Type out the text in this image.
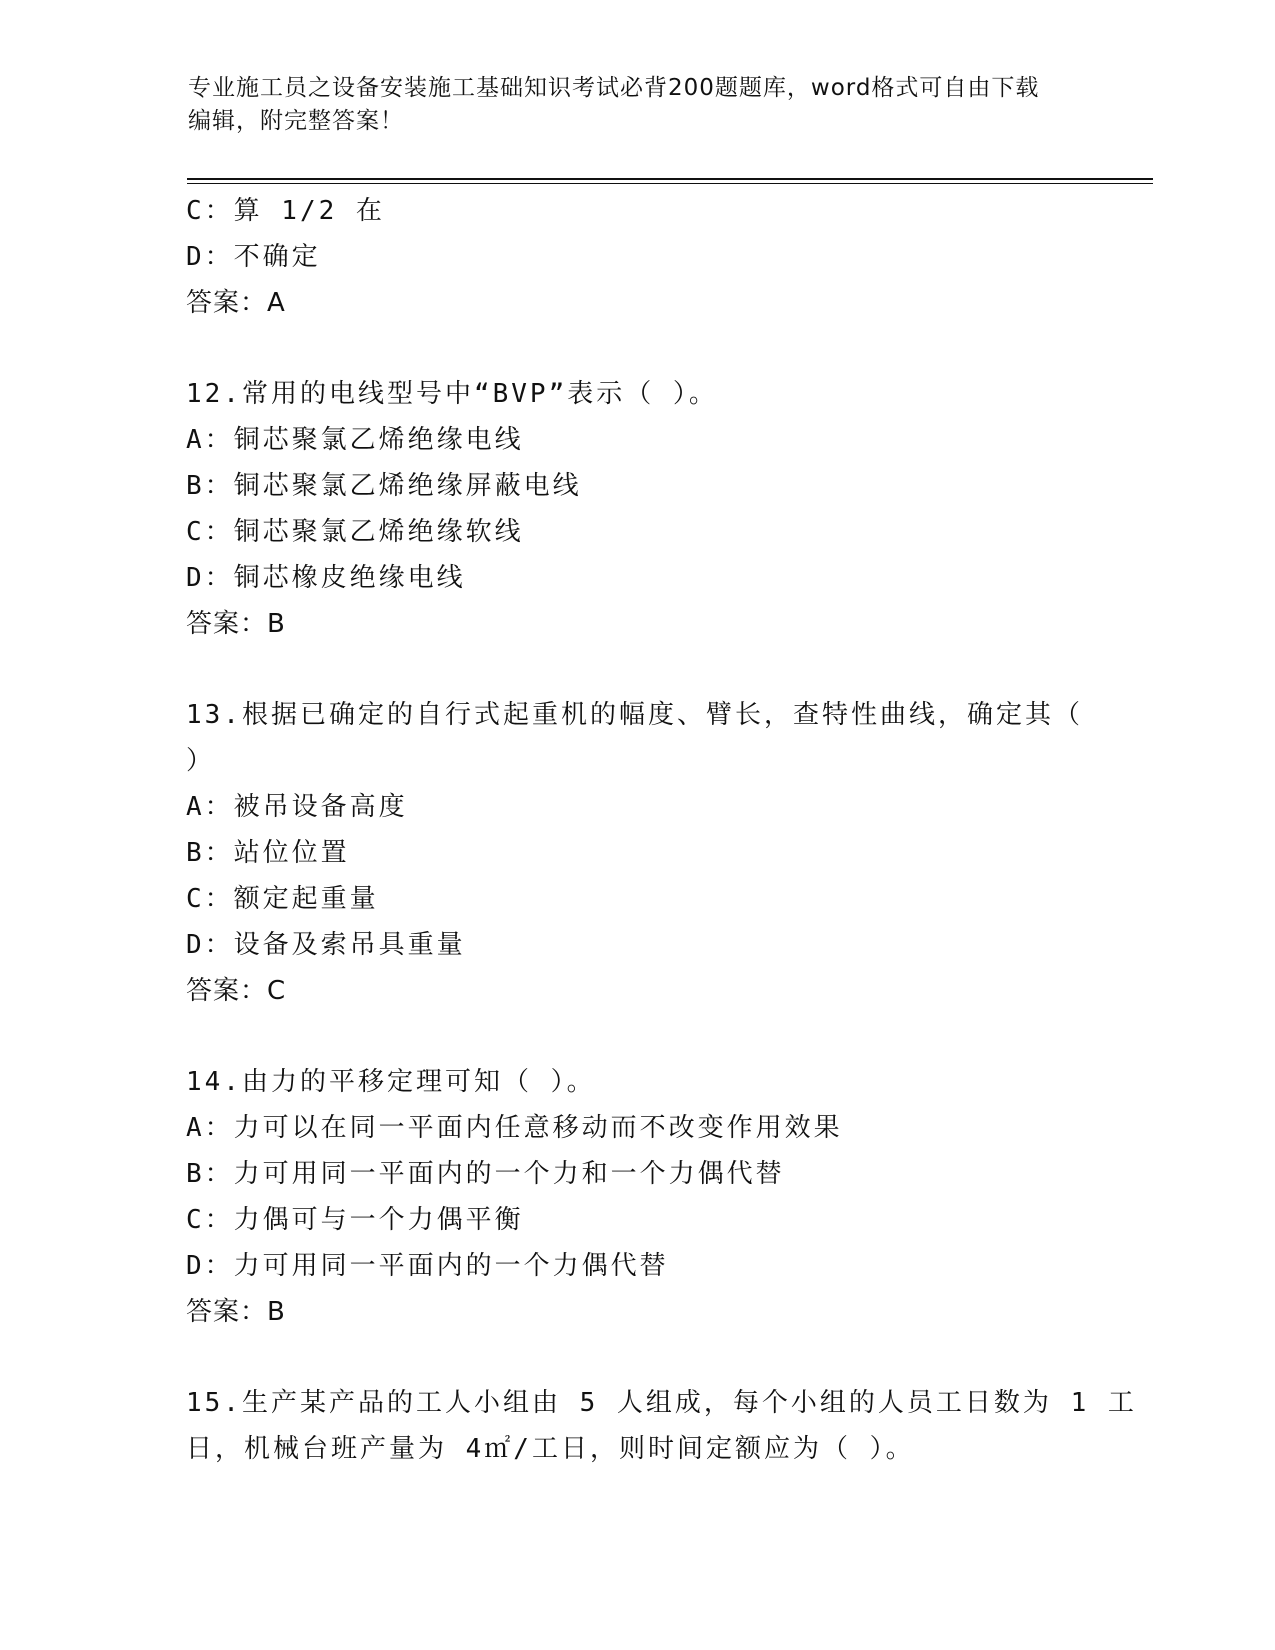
专业施工员之设备安装施工基础知识考试必背200题题库，word格式可自由下载
编辑，附完整答案！
C：算 1/2 在
D：不确定
答案：A
12.常用的电线型号中“BVP”表示（ ）。
A：铜芯聚氯乙烯绝缘电线
B：铜芯聚氯乙烯绝缘屏蔽电线
C：铜芯聚氯乙烯绝缘软线
D：铜芯橡皮绝缘电线
答案：B
13.根据已确定的自行式起重机的幅度、臂长，查特性曲线，确定其（
）
A：被吊设备高度
B：站位位置
C：额定起重量
D：设备及索吊具重量
答案：C
14.由力的平移定理可知（ ）。
A：力可以在同一平面内任意移动而不改变作用效果
B：力可用同一平面内的一个力和一个力偶代替
C：力偶可与一个力偶平衡
D：力可用同一平面内的一个力偶代替
答案：B
15.生产某产品的工人小组由 5 人组成，每个小组的人员工日数为 1 工
日，机械台班产量为 4㎡/工日，则时间定额应为（ ）。
